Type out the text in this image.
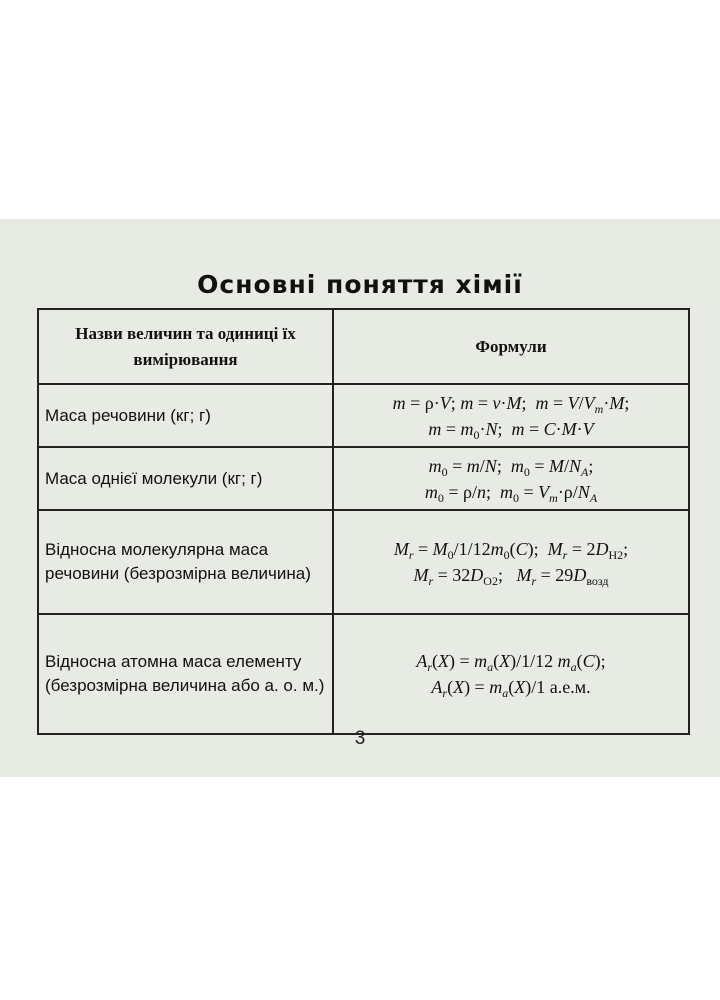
Основні поняття хімії
Назви величин та одиниці їх вимірювання	Формули
Маса речовини (кг; г)	m = ρ·V; m = ν·M;  $m = V/V_m\cdot M$;
$m = m_0\cdot N$;  m = C·M·V
Маса однієї молекули (кг; г)	$m_0 = m/N$;  $m_0 = M/N_A$;
$m_0 = \rho/n$;  $m_0 = V_m\cdot\rho/N_A$
Відносна молекулярна маса речовини (безрозмірна величина)	$M_r = M_0/1/12m_0(C)$;  $M_r = 2D_{H2}$;
$M_r = 32D_{O2}$;   $M_r = 29D_{возд}$
Відносна атомна маса елементу (безрозмірна величина або а. о. м.)	$A_r(X) = m_a(X)/1/12$ $m_a(C)$;
$A_r(X) = m_a(X)/1$ а.е.м.
3
